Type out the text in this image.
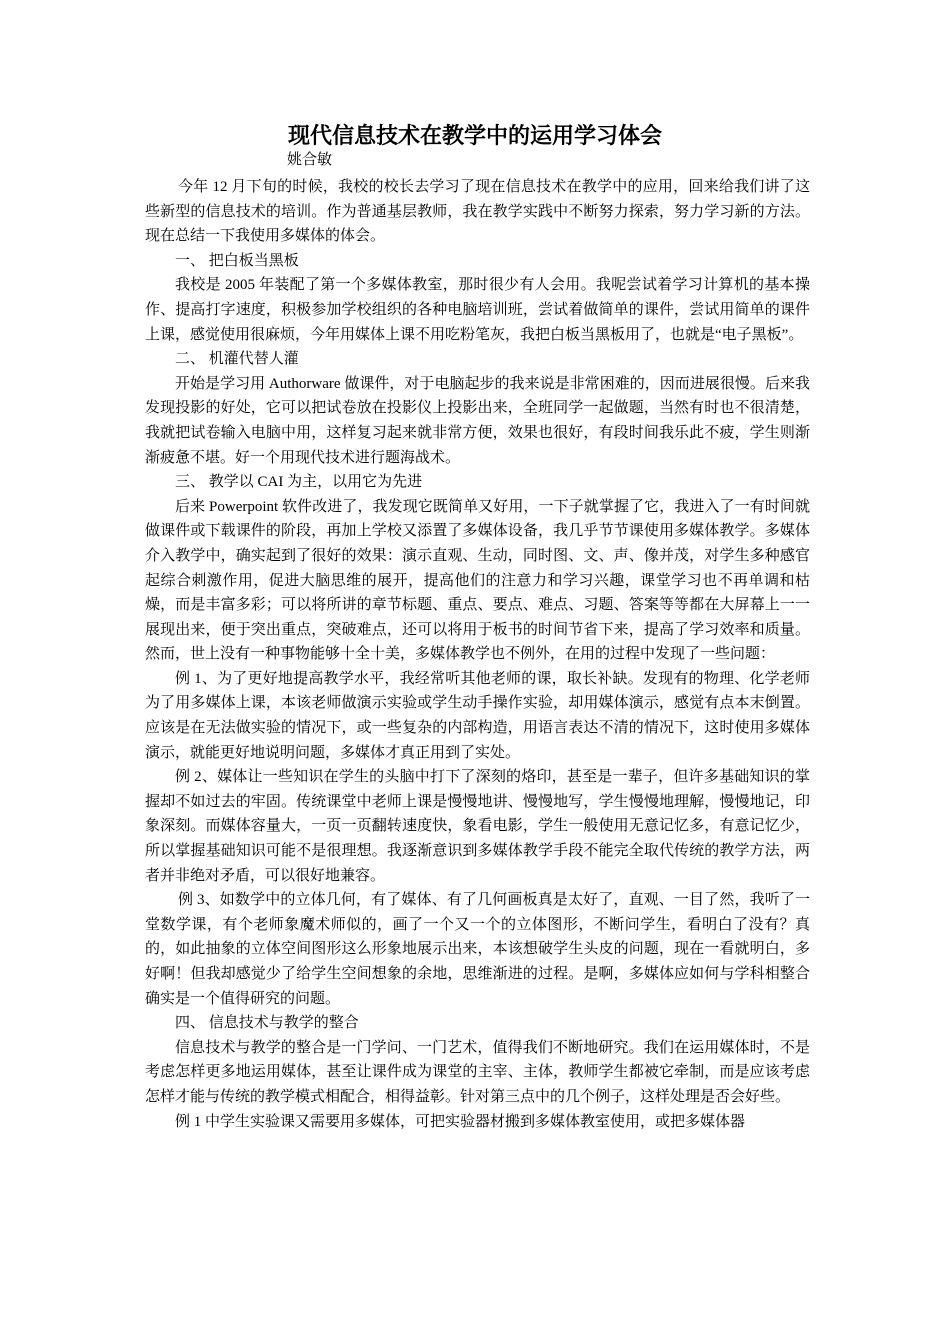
现代信息技术在教学中的运用学习体会
姚合敏

今年 12 月下旬的时候，我校的校长去学习了现在信息技术在教学中的应用，回来给我们讲了这些新型的信息技术的培训。作为普通基层教师，我在教学实践中不断努力探索，努力学习新的方法。现在总结一下我使用多媒体的体会。

一、 把白板当黑板

我校是 2005 年装配了第一个多媒体教室，那时很少有人会用。我呢尝试着学习计算机的基本操作、提高打字速度，积极参加学校组织的各种电脑培训班，尝试着做简单的课件，尝试用简单的课件上课，感觉使用很麻烦，今年用媒体上课不用吃粉笔灰，我把白板当黑板用了，也就是“电子黑板”。

二、 机灌代替人灌

开始是学习用 Authorware 做课件，对于电脑起步的我来说是非常困难的，因而进展很慢。后来我发现投影的好处，它可以把试卷放在投影仪上投影出来，全班同学一起做题，当然有时也不很清楚，我就把试卷输入电脑中用，这样复习起来就非常方便，效果也很好，有段时间我乐此不疲，学生则渐渐疲惫不堪。好一个用现代技术进行题海战术。

三、 教学以 CAI 为主，以用它为先进

后来 Powerpoint 软件改进了，我发现它既简单又好用，一下子就掌握了它，我进入了一有时间就做课件或下载课件的阶段，再加上学校又添置了多媒体设备，我几乎节节课使用多媒体教学。多媒体介入教学中，确实起到了很好的效果：演示直观、生动，同时图、文、声、像并茂，对学生多种感官起综合刺激作用，促进大脑思维的展开，提高他们的注意力和学习兴趣，课堂学习也不再单调和枯燥，而是丰富多彩；可以将所讲的章节标题、重点、要点、难点、习题、答案等等都在大屏幕上一一展现出来，便于突出重点，突破难点，还可以将用于板书的时间节省下来，提高了学习效率和质量。然而，世上没有一种事物能够十全十美，多媒体教学也不例外，在用的过程中发现了一些问题：

例 1、为了更好地提高教学水平，我经常听其他老师的课，取长补缺。发现有的物理、化学老师为了用多媒体上课，本该老师做演示实验或学生动手操作实验，却用媒体演示，感觉有点本末倒置。应该是在无法做实验的情况下，或一些复杂的内部构造，用语言表达不清的情况下，这时使用多媒体演示，就能更好地说明问题，多媒体才真正用到了实处。

例 2、媒体让一些知识在学生的头脑中打下了深刻的烙印，甚至是一辈子，但许多基础知识的掌握却不如过去的牢固。传统课堂中老师上课是慢慢地讲、慢慢地写，学生慢慢地理解，慢慢地记，印象深刻。而媒体容量大，一页一页翻转速度快，象看电影，学生一般使用无意记忆多，有意记忆少，所以掌握基础知识可能不是很理想。我逐渐意识到多媒体教学手段不能完全取代传统的教学方法，两者并非绝对矛盾，可以很好地兼容。

例 3、如数学中的立体几何，有了媒体、有了几何画板真是太好了，直观、一目了然，我听了一堂数学课，有个老师象魔术师似的，画了一个又一个的立体图形，不断问学生，看明白了没有？真的，如此抽象的立体空间图形这么形象地展示出来，本该想破学生头皮的问题，现在一看就明白，多好啊！但我却感觉少了给学生空间想象的余地，思维渐进的过程。是啊，多媒体应如何与学科相整合确实是一个值得研究的问题。

四、 信息技术与教学的整合

信息技术与教学的整合是一门学问、一门艺术，值得我们不断地研究。我们在运用媒体时，不是考虑怎样更多地运用媒体，甚至让课件成为课堂的主宰、主体，教师学生都被它牵制，而是应该考虑怎样才能与传统的教学模式相配合，相得益彰。针对第三点中的几个例子，这样处理是否会好些。

例 1 中学生实验课又需要用多媒体，可把实验器材搬到多媒体教室使用，或把多媒体器
